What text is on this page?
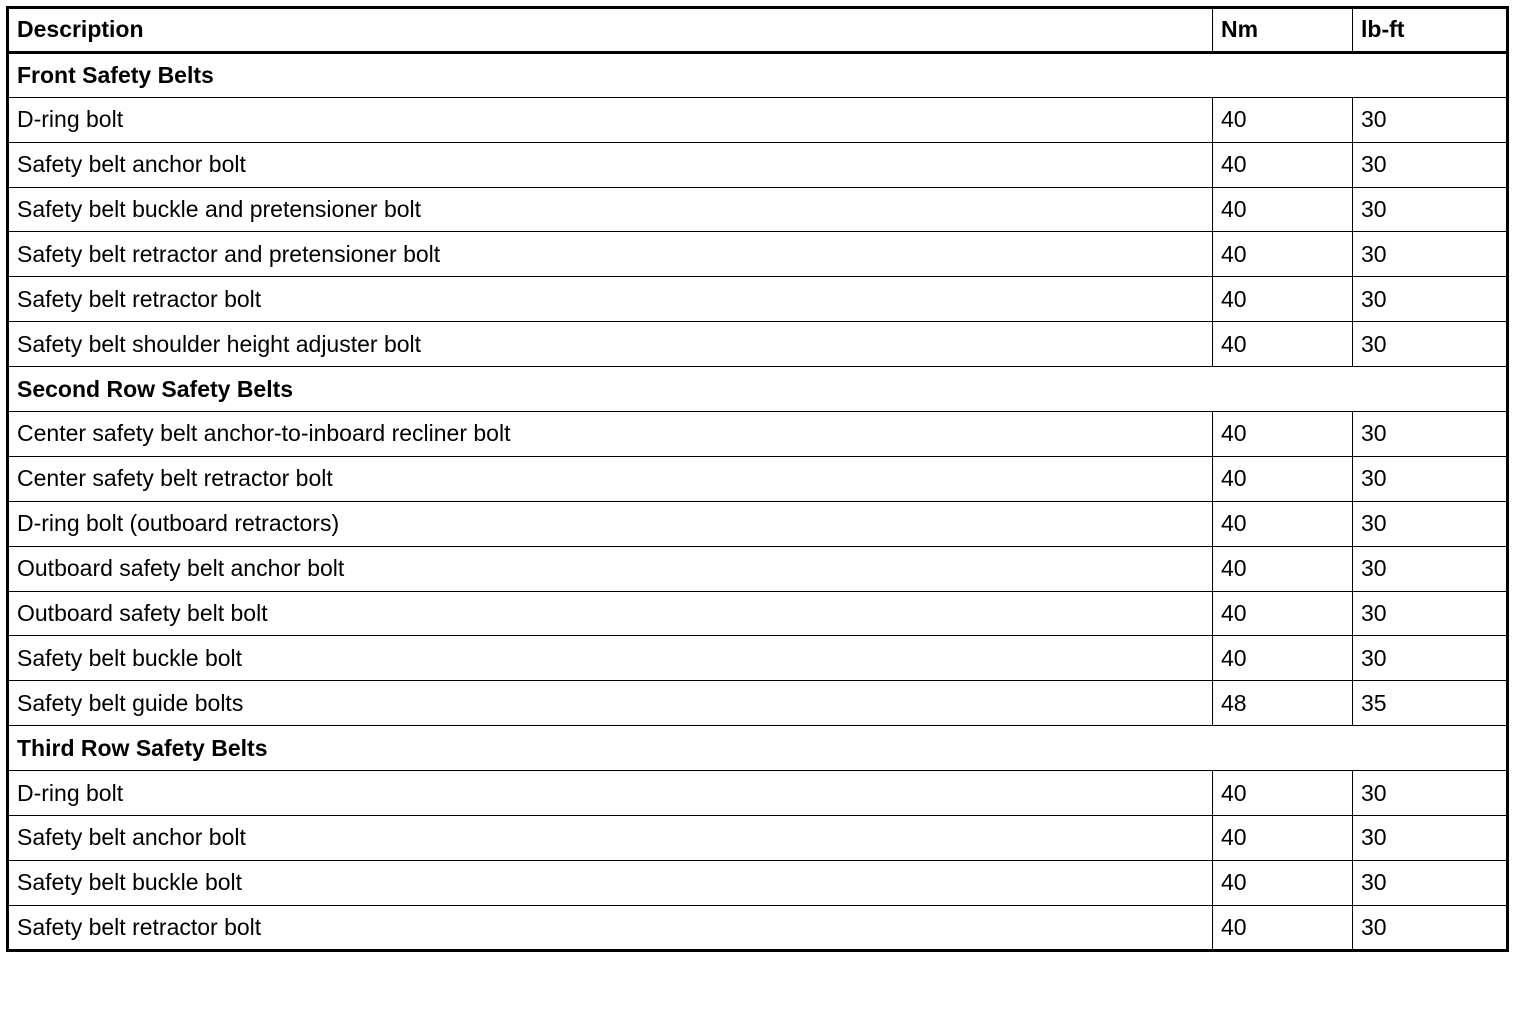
Description	Nm	lb-ft
Front Safety Belts		
D-ring bolt	40	30
Safety belt anchor bolt	40	30
Safety belt buckle and pretensioner bolt	40	30
Safety belt retractor and pretensioner bolt	40	30
Safety belt retractor bolt	40	30
Safety belt shoulder height adjuster bolt	40	30
Second Row Safety Belts		
Center safety belt anchor-to-inboard recliner bolt	40	30
Center safety belt retractor bolt	40	30
D-ring bolt (outboard retractors)	40	30
Outboard safety belt anchor bolt	40	30
Outboard safety belt bolt	40	30
Safety belt buckle bolt	40	30
Safety belt guide bolts	48	35
Third Row Safety Belts		
D-ring bolt	40	30
Safety belt anchor bolt	40	30
Safety belt buckle bolt	40	30
Safety belt retractor bolt	40	30
